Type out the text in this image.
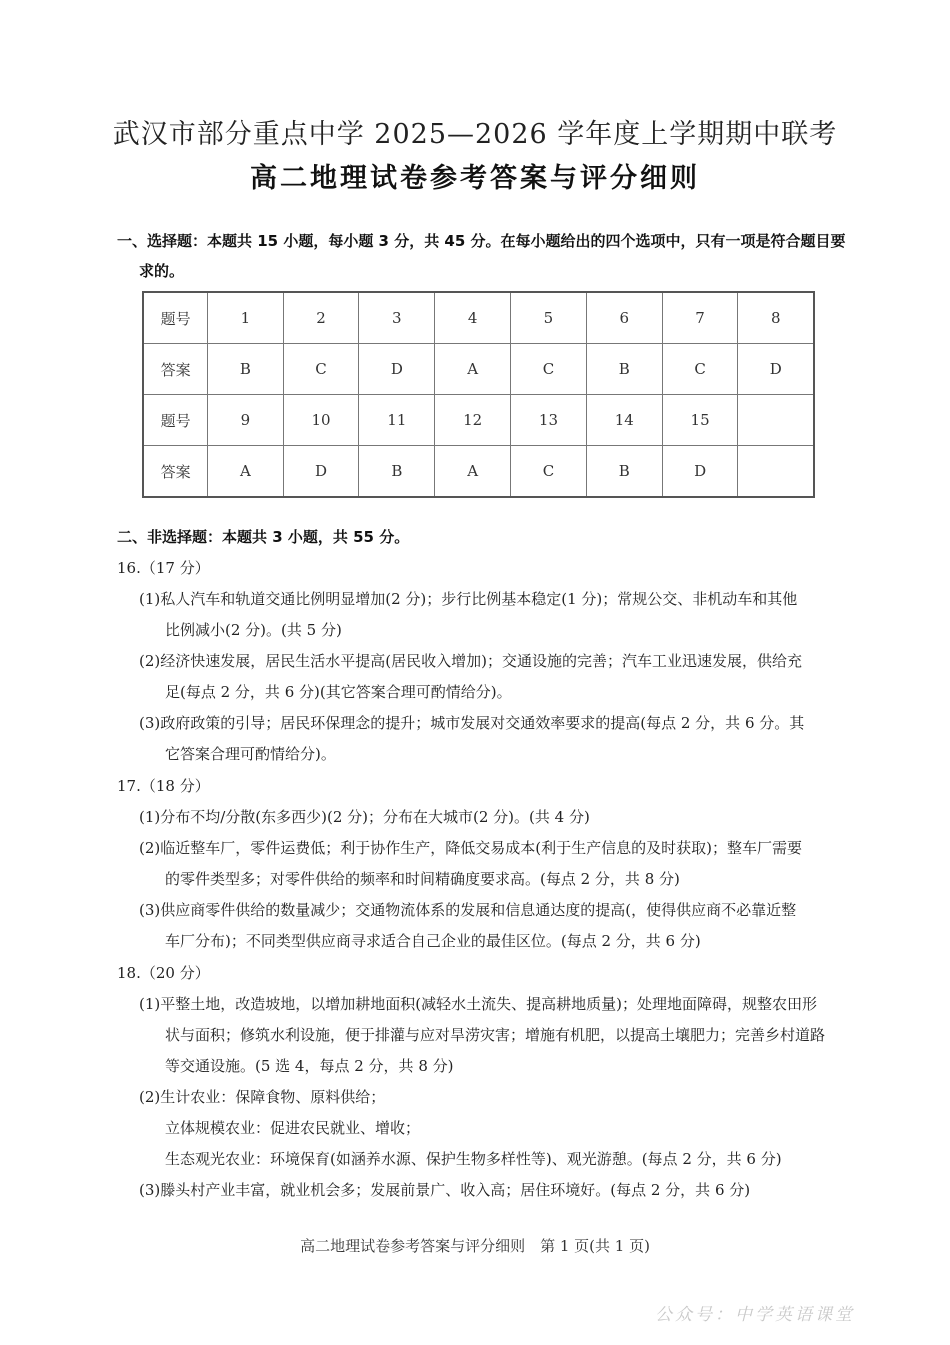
武汉市部分重点中学 2025—2026 学年度上学期期中联考
高二地理试卷参考答案与评分细则
一、选择题：本题共 15 小题，每小题 3 分，共 45 分。在每小题给出的四个选项中，只有一项是符合题目要
求的。
题号	1	2	3	4	5	6	7	8
答案	B	C	D	A	C	B	C	D
题号	9	10	11	12	13	14	15	
答案	A	D	B	A	C	B	D	
二、非选择题：本题共 3 小题，共 55 分。
16.（17 分）
(1)私人汽车和轨道交通比例明显增加(2 分)；步行比例基本稳定(1 分)；常规公交、非机动车和其他
比例减小(2 分)。(共 5 分)
(2)经济快速发展，居民生活水平提高(居民收入增加)；交通设施的完善；汽车工业迅速发展，供给充
足(每点 2 分，共 6 分)(其它答案合理可酌情给分)。
(3)政府政策的引导；居民环保理念的提升；城市发展对交通效率要求的提高(每点 2 分，共 6 分。其
它答案合理可酌情给分)。
17.（18 分）
(1)分布不均/分散(东多西少)(2 分)；分布在大城市(2 分)。(共 4 分)
(2)临近整车厂，零件运费低；利于协作生产，降低交易成本(利于生产信息的及时获取)；整车厂需要
的零件类型多；对零件供给的频率和时间精确度要求高。(每点 2 分，共 8 分)
(3)供应商零件供给的数量减少；交通物流体系的发展和信息通达度的提高(，使得供应商不必靠近整
车厂分布)；不同类型供应商寻求适合自己企业的最佳区位。(每点 2 分，共 6 分)
18.（20 分）
(1)平整土地，改造坡地，以增加耕地面积(减轻水土流失、提高耕地质量)；处理地面障碍，规整农田形
状与面积；修筑水利设施，便于排灌与应对旱涝灾害；增施有机肥，以提高土壤肥力；完善乡村道路
等交通设施。(5 选 4，每点 2 分，共 8 分)
(2)生计农业：保障食物、原料供给；
立体规模农业：促进农民就业、增收；
生态观光农业：环境保育(如涵养水源、保护生物多样性等)、观光游憩。(每点 2 分，共 6 分)
(3)滕头村产业丰富，就业机会多；发展前景广、收入高；居住环境好。(每点 2 分，共 6 分)
高二地理试卷参考答案与评分细则　第 1 页(共 1 页)
公众号：中学英语课堂
